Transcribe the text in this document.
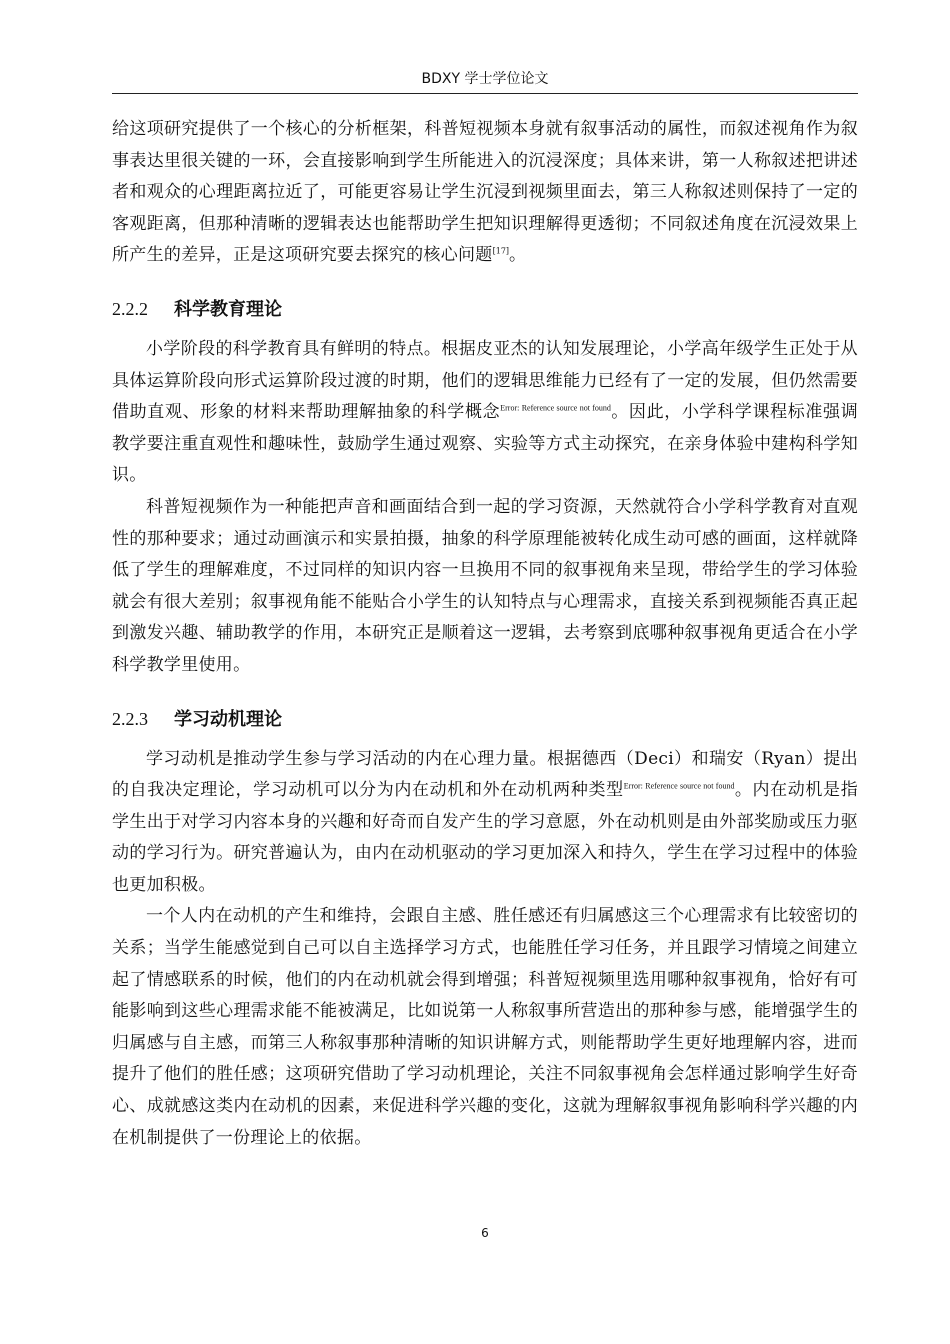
BDXY 学士学位论文

给这项研究提供了一个核心的分析框架，科普短视频本身就有叙事活动的属性，而叙述视角作为叙事表达里很关键的一环，会直接影响到学生所能进入的沉浸深度；具体来讲，第一人称叙述把讲述者和观众的心理距离拉近了，可能更容易让学生沉浸到视频里面去，第三人称叙述则保持了一定的客观距离，但那种清晰的逻辑表达也能帮助学生把知识理解得更透彻；不同叙述角度在沉浸效果上所产生的差异，正是这项研究要去探究的核心问题[17]。

2.2.2 科学教育理论

小学阶段的科学教育具有鲜明的特点。根据皮亚杰的认知发展理论，小学高年级学生正处于从具体运算阶段向形式运算阶段过渡的时期，他们的逻辑思维能力已经有了一定的发展，但仍然需要借助直观、形象的材料来帮助理解抽象的科学概念$^{Error: Reference source not found}$。因此，小学科学课程标准强调教学要注重直观性和趣味性，鼓励学生通过观察、实验等方式主动探究，在亲身体验中建构科学知识。

科普短视频作为一种能把声音和画面结合到一起的学习资源，天然就符合小学科学教育对直观性的那种要求；通过动画演示和实景拍摄，抽象的科学原理能被转化成生动可感的画面，这样就降低了学生的理解难度，不过同样的知识内容一旦换用不同的叙事视角来呈现，带给学生的学习体验就会有很大差别；叙事视角能不能贴合小学生的认知特点与心理需求，直接关系到视频能否真正起到激发兴趣、辅助教学的作用，本研究正是顺着这一逻辑，去考察到底哪种叙事视角更适合在小学科学教学里使用。

2.2.3 学习动机理论

学习动机是推动学生参与学习活动的内在心理力量。根据德西（Deci）和瑞安（Ryan）提出的自我决定理论，学习动机可以分为内在动机和外在动机两种类型$^{Error: Reference source not found}$。内在动机是指学生出于对学习内容本身的兴趣和好奇而自发产生的学习意愿，外在动机则是由外部奖励或压力驱动的学习行为。研究普遍认为，由内在动机驱动的学习更加深入和持久，学生在学习过程中的体验也更加积极。

一个人内在动机的产生和维持，会跟自主感、胜任感还有归属感这三个心理需求有比较密切的关系；当学生能感觉到自己可以自主选择学习方式，也能胜任学习任务，并且跟学习情境之间建立起了情感联系的时候，他们的内在动机就会得到增强；科普短视频里选用哪种叙事视角，恰好有可能影响到这些心理需求能不能被满足，比如说第一人称叙事所营造出的那种参与感，能增强学生的归属感与自主感，而第三人称叙事那种清晰的知识讲解方式，则能帮助学生更好地理解内容，进而提升了他们的胜任感；这项研究借助了学习动机理论，关注不同叙事视角会怎样通过影响学生好奇心、成就感这类内在动机的因素，来促进科学兴趣的变化，这就为理解叙事视角影响科学兴趣的内在机制提供了一份理论上的依据。

6
